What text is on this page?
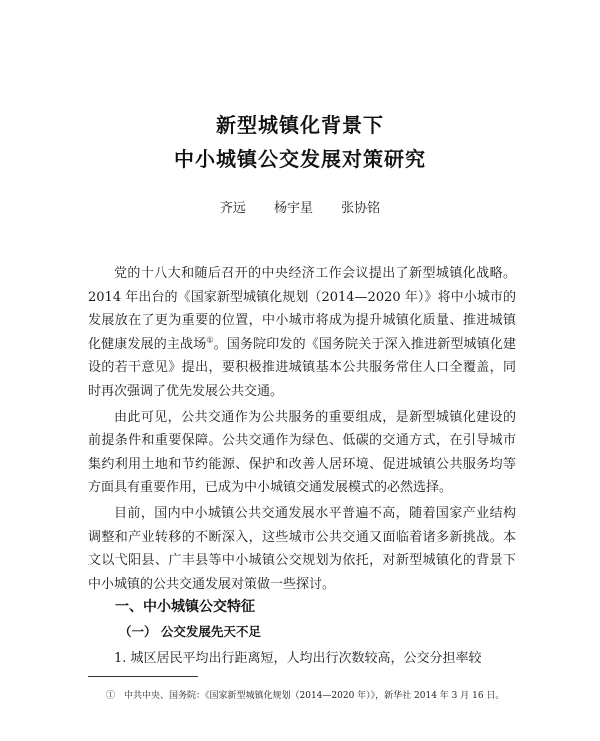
新型城镇化背景下
中小城镇公交发展对策研究
齐远 杨宇星 张协铭

党的十八大和随后召开的中央经济工作会议提出了新型城镇化战略。2014 年出台的《国家新型城镇化规划（2014—2020 年）》将中小城市的发展放在了更为重要的位置，中小城市将成为提升城镇化质量、推进城镇化健康发展的主战场①。国务院印发的《国务院关于深入推进新型城镇化建设的若干意见》提出，要积极推进城镇基本公共服务常住人口全覆盖，同时再次强调了优先发展公共交通。

由此可见，公共交通作为公共服务的重要组成，是新型城镇化建设的前提条件和重要保障。公共交通作为绿色、低碳的交通方式，在引导城市集约利用土地和节约能源、保护和改善人居环境、促进城镇公共服务均等方面具有重要作用，已成为中小城镇交通发展模式的必然选择。

目前，国内中小城镇公共交通发展水平普遍不高，随着国家产业结构调整和产业转移的不断深入，这些城市公共交通又面临着诸多新挑战。本文以弋阳县、广丰县等中小城镇公交规划为依托，对新型城镇化的背景下中小城镇的公共交通发展对策做一些探讨。

一、中小城镇公交特征
（一） 公交发展先天不足
1. 城区居民平均出行距离短，人均出行次数较高，公交分担率较
①　中共中央、国务院：《国家新型城镇化规划（2014—2020 年）》，新华社 2014 年 3 月 16 日。
